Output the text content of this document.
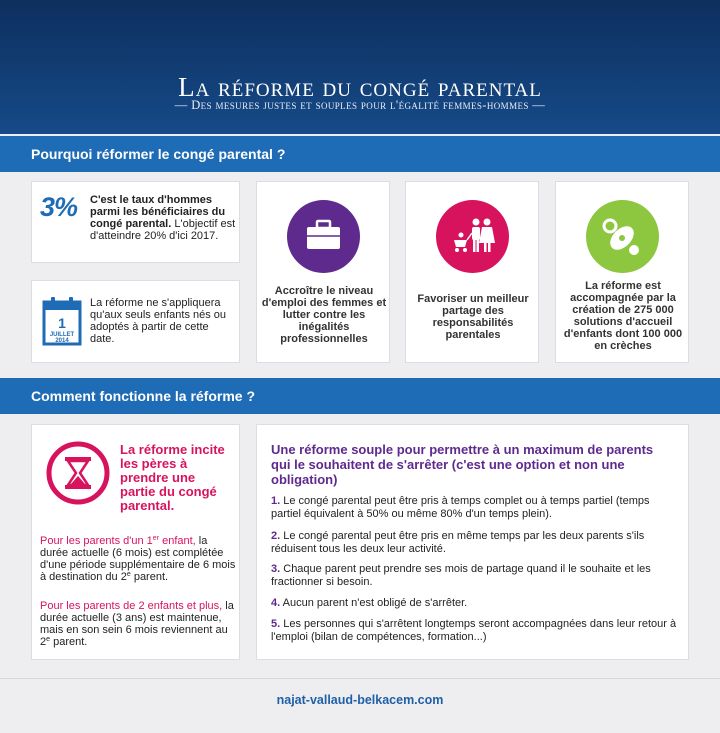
La réforme du congé parental
— Des mesures justes et souples pour l'égalité femmes-hommes —
Pourquoi réformer le congé parental ?
3% C'est le taux d'hommes parmi les bénéficiaires du congé parental. L'objectif est d'atteindre 20% d'ici 2017.
1
JUILLET
2014
La réforme ne s'appliquera qu'aux seuls enfants nés ou adoptés à partir de cette date.
Accroître le niveau d'emploi des femmes et lutter contre les inégalités professionnelles
Favoriser un meilleur partage des responsabilités parentales
La réforme est accompagnée par la création de 275 000 solutions d'accueil d'enfants dont 100 000 en crèches
Comment fonctionne la réforme ?
La réforme incite les pères à prendre une partie du congé parental.
Pour les parents d'un 1er enfant, la durée actuelle (6 mois) est complétée d'une période supplémentaire de 6 mois à destination du 2e parent.
Pour les parents de 2 enfants et plus, la durée actuelle (3 ans) est maintenue, mais en son sein 6 mois reviennent au 2e parent.
Une réforme souple pour permettre à un maximum de parents qui le souhaitent de s'arrêter (c'est une option et non une obligation)
1. Le congé parental peut être pris à temps complet ou à temps partiel (temps partiel équivalent à 50% ou même 80% d'un temps plein).
2. Le congé parental peut être pris en même temps par les deux parents s'ils réduisent tous les deux leur activité.
3. Chaque parent peut prendre ses mois de partage quand il le souhaite et les fractionner si besoin.
4. Aucun parent n'est obligé de s'arrêter.
5. Les personnes qui s'arrêtent longtemps seront accompagnées dans leur retour à l'emploi (bilan de compétences, formation...)
najat-vallaud-belkacem.com
